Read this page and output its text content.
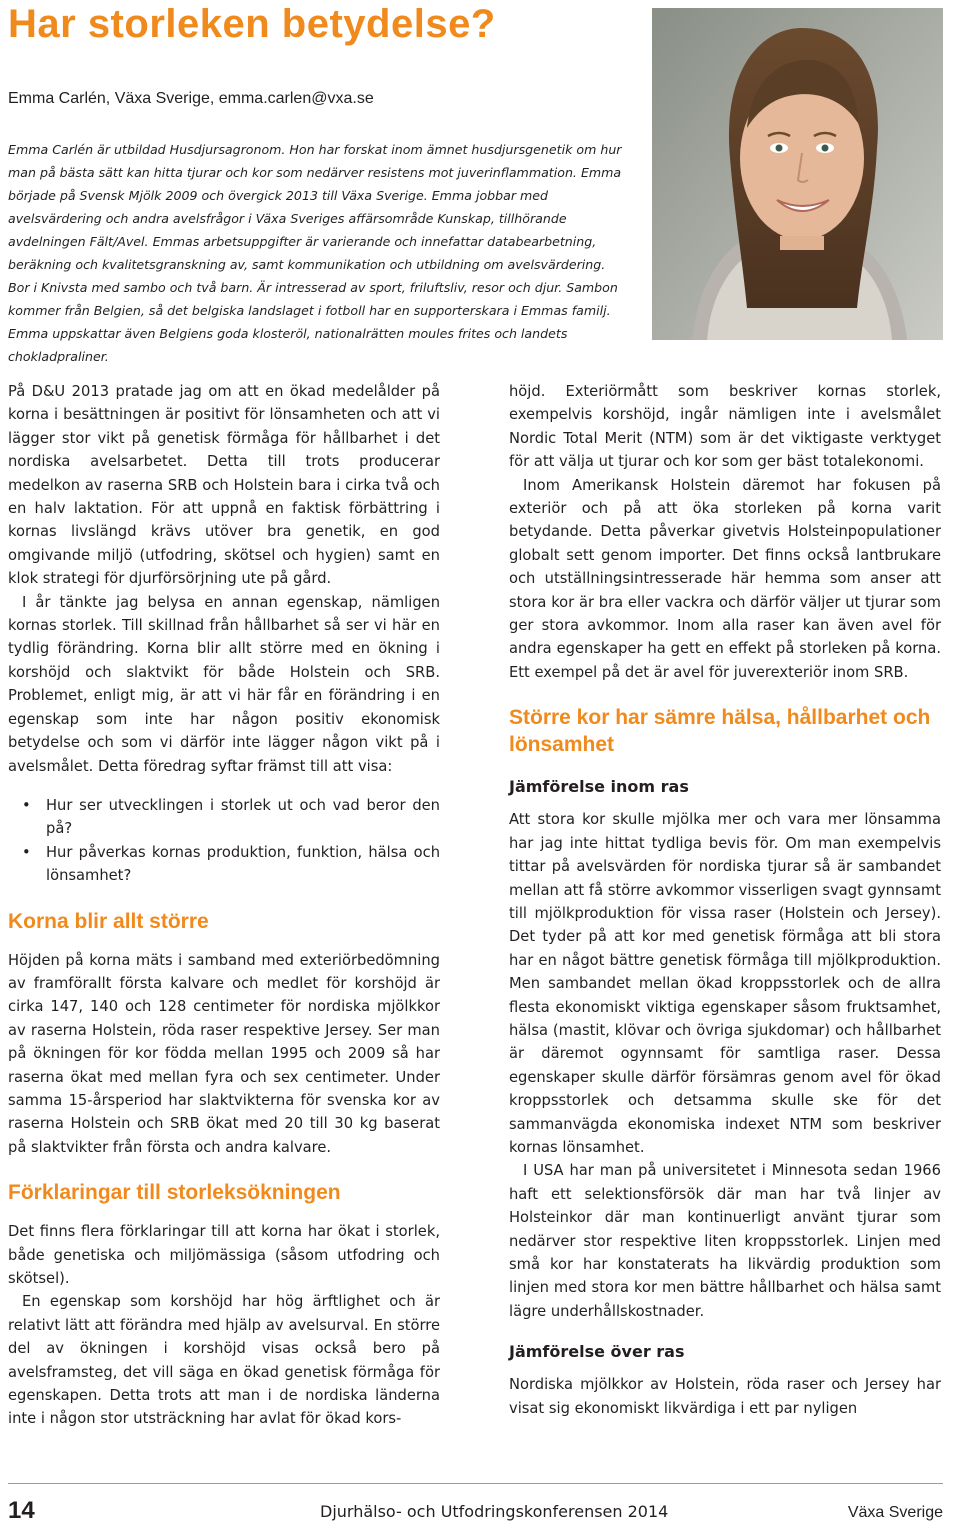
Har storleken betydelse?

Emma Carlén, Växa Sverige, emma.carlen@vxa.se

Emma Carlén är utbildad Husdjursagronom. Hon har forskat inom ämnet husdjursgenetik om hur man på bästa sätt kan hitta tjurar och kor som nedärver resistens mot juverinflammation. Emma började på Svensk Mjölk 2009 och övergick 2013 till Växa Sverige. Emma jobbar med avelsvärdering och andra avelsfrågor i Växa Sveriges affärsområde Kunskap, tillhörande avdelningen Fält/Avel. Emmas arbetsuppgifter är varierande och innefattar databearbetning, beräkning och kvalitetsgranskning av, samt kommunikation och utbildning om avelsvärdering. Bor i Knivsta med sambo och två barn. Är intresserad av sport, friluftsliv, resor och djur. Sambon kommer från Belgien, så det belgiska landslaget i fotboll har en supporterskara i Emmas familj. Emma uppskattar även Belgiens goda klosteröl, nationalrätten moules frites och landets chokladpraliner.

På D&U 2013 pratade jag om att en ökad medelålder på korna i besättningen är positivt för lönsamheten och att vi lägger stor vikt på genetisk förmåga för hållbarhet i det nordiska avelsarbetet. Detta till trots producerar medelkon av raserna SRB och Holstein bara i cirka två och en halv laktation. För att uppnå en faktisk förbättring i kornas livslängd krävs utöver bra genetik, en god omgivande miljö (utfodring, skötsel och hygien) samt en klok strategi för djurförsörjning ute på gård.

I år tänkte jag belysa en annan egenskap, nämligen kornas storlek. Till skillnad från hållbarhet så ser vi här en tydlig förändring. Korna blir allt större med en ökning i korshöjd och slaktvikt för både Holstein och SRB. Problemet, enligt mig, är att vi här får en förändring i en egenskap som inte har någon positiv ekonomisk betydelse och som vi därför inte lägger någon vikt på i avelsmålet. Detta föredrag syftar främst till att visa:

• Hur ser utvecklingen i storlek ut och vad beror den på?
• Hur påverkas kornas produktion, funktion, hälsa och lönsamhet?
Korna blir allt större

Höjden på korna mäts i samband med exteriörbedömning av framförallt första kalvare och medlet för korshöjd är cirka 147, 140 och 128 centimeter för nordiska mjölkkor av raserna Holstein, röda raser respektive Jersey. Ser man på ökningen för kor födda mellan 1995 och 2009 så har raserna ökat med mellan fyra och sex centimeter. Under samma 15-årsperiod har slaktvikterna för svenska kor av raserna Holstein och SRB ökat med 20 till 30 kg baserat på slaktvikter från första och andra kalvare.

Förklaringar till storleksökningen

Det finns flera förklaringar till att korna har ökat i storlek, både genetiska och miljömässiga (såsom utfodring och skötsel).

En egenskap som korshöjd har hög ärftlighet och är relativt lätt att förändra med hjälp av avelsurval. En större del av ökningen i korshöjd visas också bero på avelsframsteg, det vill säga en ökad genetisk förmåga för egenskapen. Detta trots att man i de nordiska länderna inte i någon stor utsträckning har avlat för ökad kors-

höjd. Exteriörmått som beskriver kornas storlek, exempelvis korshöjd, ingår nämligen inte i avelsmålet Nordic Total Merit (NTM) som är det viktigaste verktyget för att välja ut tjurar och kor som ger bäst totalekonomi.

Inom Amerikansk Holstein däremot har fokusen på exteriör och på att öka storleken på korna varit betydande. Detta påverkar givetvis Holsteinpopulationer globalt sett genom importer. Det finns också lantbrukare och utställningsintresserade här hemma som anser att stora kor är bra eller vackra och därför väljer ut tjurar som ger stora avkommor. Inom alla raser kan även avel för andra egenskaper ha gett en effekt på storleken på korna. Ett exempel på det är avel för juverexteriör inom SRB.

Större kor har sämre hälsa, hållbarhet och lönsamhet
Jämförelse inom ras

Att stora kor skulle mjölka mer och vara mer lönsamma har jag inte hittat tydliga bevis för. Om man exempelvis tittar på avelsvärden för nordiska tjurar så är sambandet mellan att få större avkommor visserligen svagt gynnsamt till mjölkproduktion för vissa raser (Holstein och Jersey). Det tyder på att kor med genetisk förmåga att bli stora har en något bättre genetisk förmåga till mjölkproduktion. Men sambandet mellan ökad kroppsstorlek och de allra flesta ekonomiskt viktiga egenskaper såsom fruktsamhet, hälsa (mastit, klövar och övriga sjukdomar) och hållbarhet är däremot ogynnsamt för samtliga raser. Dessa egenskaper skulle därför försämras genom avel för ökad kroppsstorlek och detsamma skulle ske för det sammanvägda ekonomiska indexet NTM som beskriver kornas lönsamhet.

I USA har man på universitetet i Minnesota sedan 1966 haft ett selektionsförsök där man har två linjer av Holsteinkor där man kontinuerligt använt tjurar som nedärver stor respektive liten kroppsstorlek. Linjen med små kor har konstaterats ha likvärdig produktion som linjen med stora kor men bättre hållbarhet och hälsa samt lägre underhållskostnader.

Jämförelse över ras

Nordiska mjölkkor av Holstein, röda raser och Jersey har visat sig ekonomiskt likvärdiga i ett par nyligen

14	Djurhälso- och Utfodringskonferensen 2014	Växa Sverige
